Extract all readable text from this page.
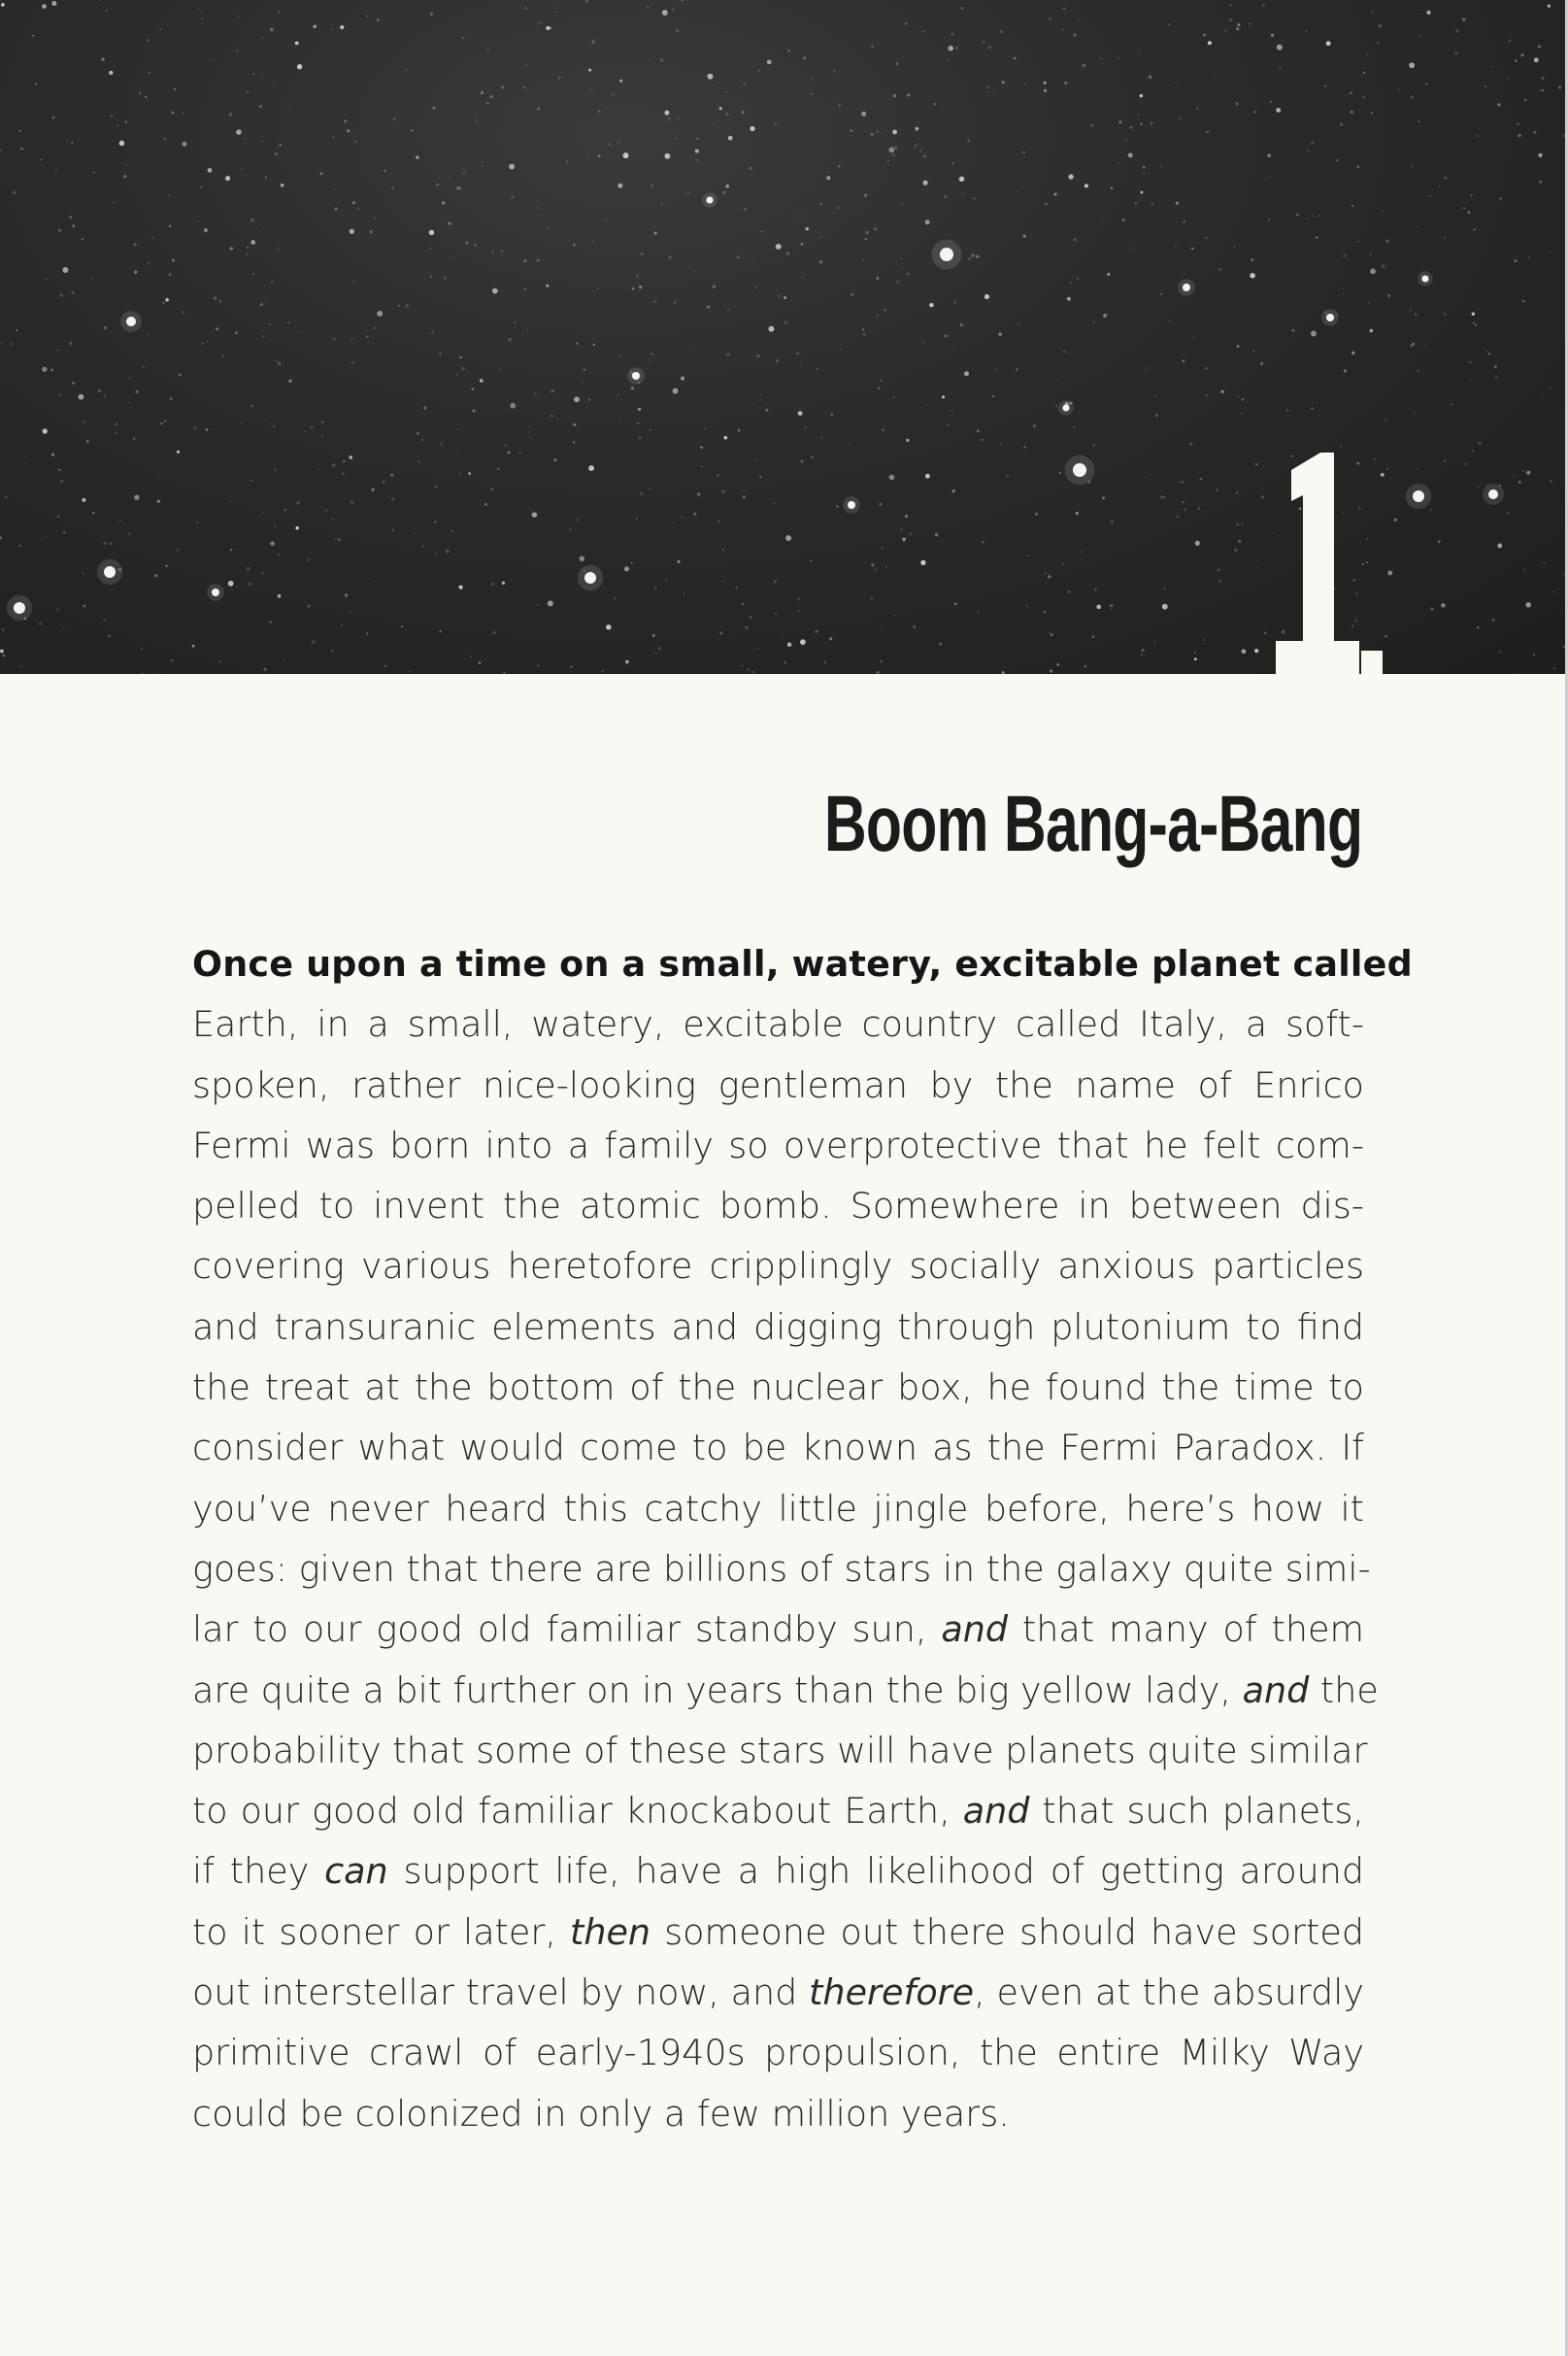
Boom Bang-a-Bang
Once upon a time on a small, watery, excitable planet called
Earth, in a small, watery, excitable country called Italy, a soft-
spoken, rather nice-looking gentleman by the name of Enrico
Fermi was born into a family so overprotective that he felt com-
pelled to invent the atomic bomb. Somewhere in between dis-
covering various heretofore cripplingly socially anxious particles
and transuranic elements and digging through plutonium to find
the treat at the bottom of the nuclear box, he found the time to
consider what would come to be known as the Fermi Paradox. If
you’ve never heard this catchy little jingle before, here’s how it
goes: given that there are billions of stars in the galaxy quite simi-
lar to our good old familiar standby sun, and that many of them
are quite a bit further on in years than the big yellow lady, and the
probability that some of these stars will have planets quite similar
to our good old familiar knockabout Earth, and that such planets,
if they can support life, have a high likelihood of getting around
to it sooner or later, then someone out there should have sorted
out interstellar travel by now, and therefore, even at the absurdly
primitive crawl of early-1940s propulsion, the entire Milky Way
could be colonized in only a few million years.
